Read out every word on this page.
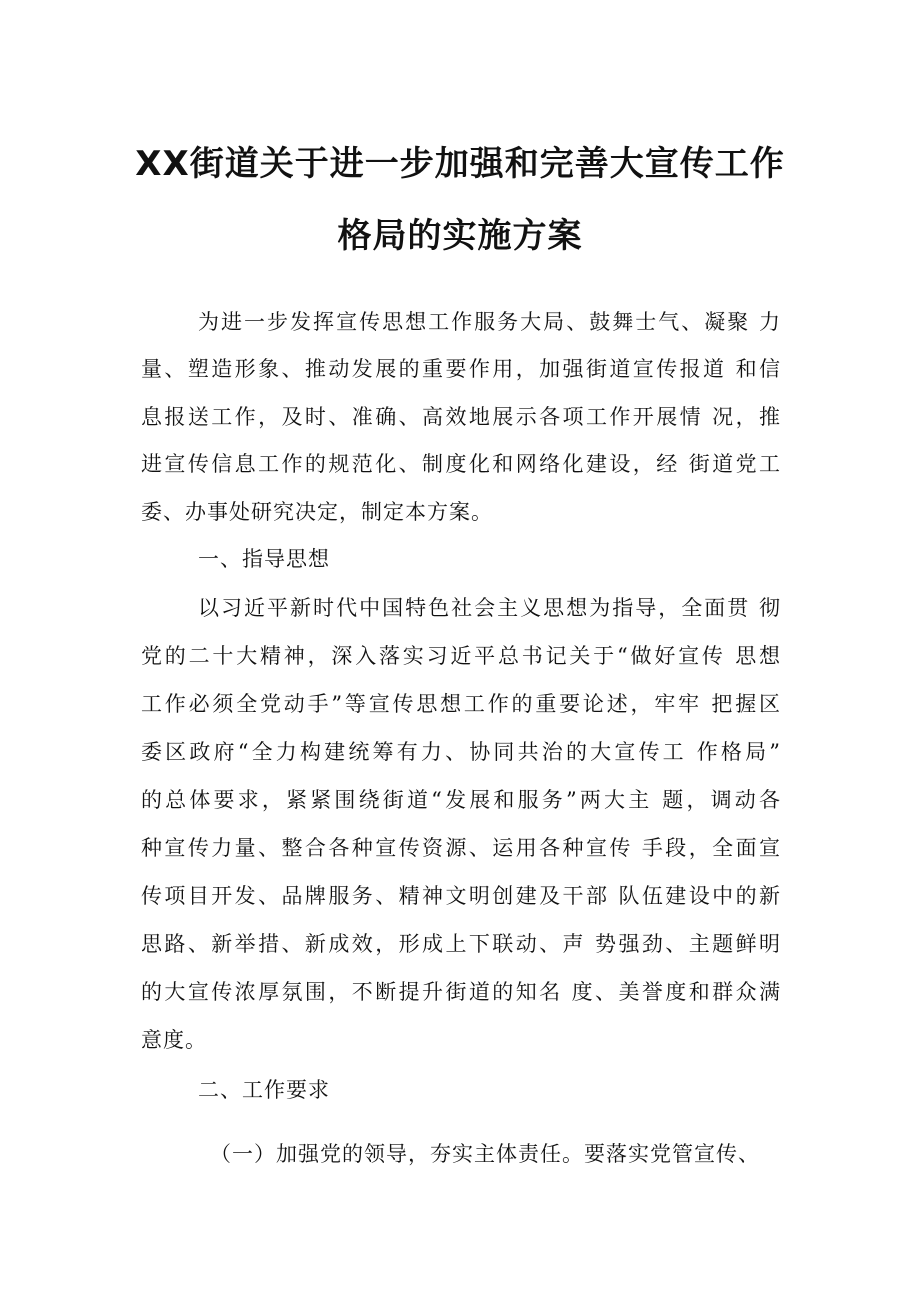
XX街道关于进一步加强和完善大宣传工作
格局的实施方案
为进一步发挥宣传思想工作服务大局、鼓舞士气、凝聚 力
量、塑造形象、推动发展的重要作用，加强街道宣传报道 和信
息报送工作，及时、准确、高效地展示各项工作开展情 况，推
进宣传信息工作的规范化、制度化和网络化建设，经 街道党工
委、办事处研究决定，制定本方案。
一、指导思想
以习近平新时代中国特色社会主义思想为指导，全面贯 彻
党的二十大精神，深入落实习近平总书记关于“做好宣传 思想
工作必须全党动手”等宣传思想工作的重要论述，牢牢 把握区
委区政府“全力构建统筹有力、协同共治的大宣传工 作格局”
的总体要求，紧紧围绕街道“发展和服务”两大主 题，调动各
种宣传力量、整合各种宣传资源、运用各种宣传 手段，全面宣
传项目开发、品牌服务、精神文明创建及干部 队伍建设中的新
思路、新举措、新成效，形成上下联动、声 势强劲、主题鲜明
的大宣传浓厚氛围，不断提升街道的知名 度、美誉度和群众满
意度。
二、工作要求
（一）加强党的领导，夯实主体责任。要落实党管宣传、
